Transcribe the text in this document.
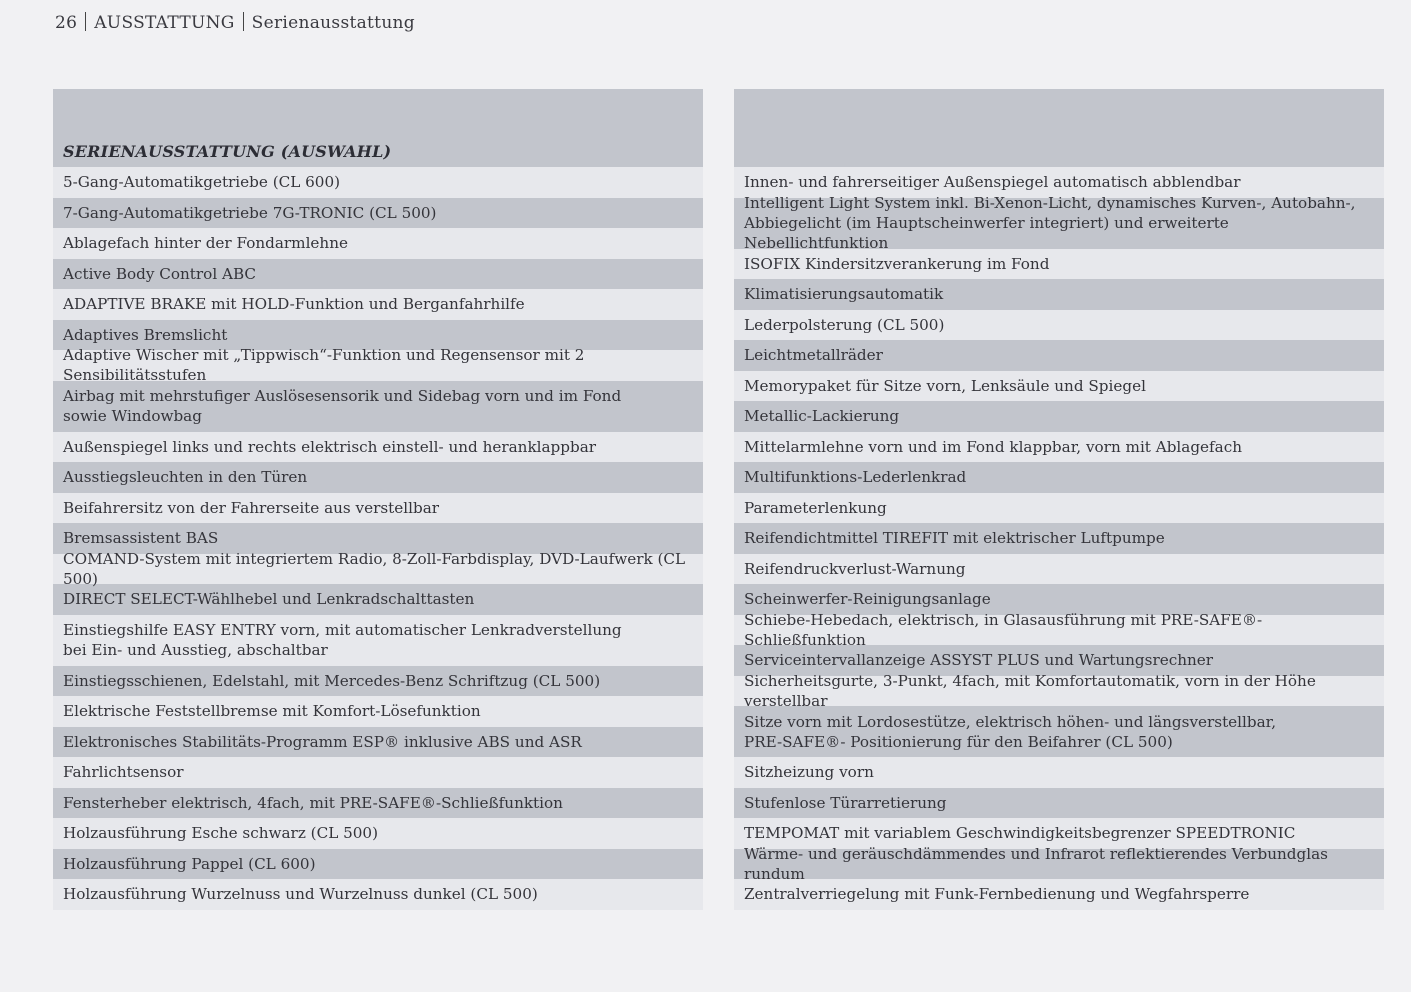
26 AUSSTATTUNG Serienausstattung
SERIENAUSSTATTUNG (AUSWAHL)
5-Gang-Automatikgetriebe (CL 600)
7-Gang-Automatikgetriebe 7G-TRONIC (CL 500)
Ablagefach hinter der Fondarmlehne
Active Body Control ABC
ADAPTIVE BRAKE mit HOLD-Funktion und Berganfahrhilfe
Adaptives Bremslicht
Adaptive Wischer mit „Tippwisch“-Funktion und Regensensor mit 2 Sensibilitätsstufen
Airbag mit mehrstufiger Auslösesensorik und Sidebag vorn und im Fond
sowie Windowbag
Außenspiegel links und rechts elektrisch einstell- und heranklappbar
Ausstiegsleuchten in den Türen
Beifahrersitz von der Fahrerseite aus verstellbar
Bremsassistent BAS
COMAND-System mit integriertem Radio, 8-Zoll-Farbdisplay, DVD-Laufwerk (CL 500)
DIRECT SELECT-Wählhebel und Lenkradschalttasten
Einstiegshilfe EASY ENTRY vorn, mit automatischer Lenkradverstellung
bei Ein- und Ausstieg, abschaltbar
Einstiegsschienen, Edelstahl, mit Mercedes-Benz Schriftzug (CL 500)
Elektrische Feststellbremse mit Komfort-Lösefunktion
Elektronisches Stabilitäts-Programm ESP® inklusive ABS und ASR
Fahrlichtsensor
Fensterheber elektrisch, 4fach, mit PRE-SAFE®-Schließfunktion
Holzausführung Esche schwarz (CL 500)
Holzausführung Pappel (CL 600)
Holzausführung Wurzelnuss und Wurzelnuss dunkel (CL 500)
Innen- und fahrerseitiger Außenspiegel automatisch abblendbar
Intelligent Light System inkl. Bi-Xenon-Licht, dynamisches Kurven-, Autobahn-,
Abbiegelicht (im Hauptscheinwerfer integriert) und erweiterte Nebellichtfunktion
ISOFIX Kindersitzverankerung im Fond
Klimatisierungsautomatik
Lederpolsterung (CL 500)
Leichtmetallräder
Memorypaket für Sitze vorn, Lenksäule und Spiegel
Metallic-Lackierung
Mittelarmlehne vorn und im Fond klappbar, vorn mit Ablagefach
Multifunktions-Lederlenkrad
Parameterlenkung
Reifendichtmittel TIREFIT mit elektrischer Luftpumpe
Reifendruckverlust-Warnung
Scheinwerfer-Reinigungsanlage
Schiebe-Hebedach, elektrisch, in Glasausführung mit PRE-SAFE®-Schließfunktion
Serviceintervallanzeige ASSYST PLUS und Wartungsrechner
Sicherheitsgurte, 3-Punkt, 4fach, mit Komfortautomatik, vorn in der Höhe verstellbar
Sitze vorn mit Lordosestütze, elektrisch höhen- und längsverstellbar,
PRE-SAFE®- Positionierung für den Beifahrer (CL 500)
Sitzheizung vorn
Stufenlose Türarretierung
TEMPOMAT mit variablem Geschwindigkeitsbegrenzer SPEEDTRONIC
Wärme- und geräuschdämmendes und Infrarot reflektierendes Verbundglas rundum
Zentralverriegelung mit Funk-Fernbedienung und Wegfahrsperre
